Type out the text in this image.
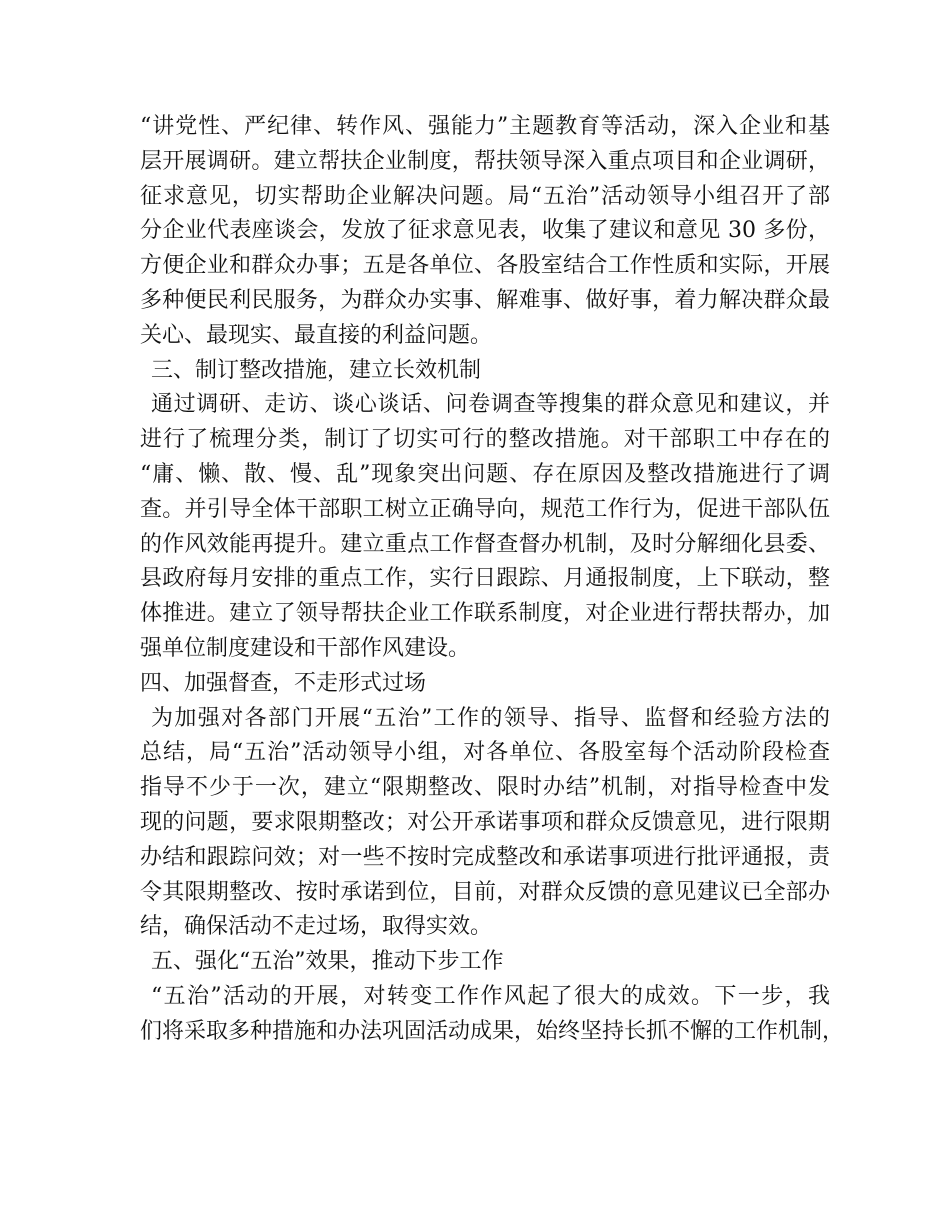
“讲党性、严纪律、转作风、强能力”主题教育等活动，深入企业和基
层开展调研。建立帮扶企业制度，帮扶领导深入重点项目和企业调研，
征求意见，切实帮助企业解决问题。局“五治”活动领导小组召开了部
分企业代表座谈会，发放了征求意见表，收集了建议和意见 30 多份，
方便企业和群众办事；五是各单位、各股室结合工作性质和实际，开展
多种便民利民服务，为群众办实事、解难事、做好事，着力解决群众最
关心、最现实、最直接的利益问题。
三、制订整改措施，建立长效机制
通过调研、走访、谈心谈话、问卷调查等搜集的群众意见和建议，并
进行了梳理分类，制订了切实可行的整改措施。对干部职工中存在的
“庸、懒、散、慢、乱”现象突出问题、存在原因及整改措施进行了调
查。并引导全体干部职工树立正确导向，规范工作行为，促进干部队伍
的作风效能再提升。建立重点工作督查督办机制，及时分解细化县委、
县政府每月安排的重点工作，实行日跟踪、月通报制度，上下联动，整
体推进。建立了领导帮扶企业工作联系制度，对企业进行帮扶帮办，加
强单位制度建设和干部作风建设。
四、加强督查，不走形式过场
为加强对各部门开展“五治”工作的领导、指导、监督和经验方法的
总结，局“五治”活动领导小组，对各单位、各股室每个活动阶段检查
指导不少于一次，建立“限期整改、限时办结”机制，对指导检查中发
现的问题，要求限期整改；对公开承诺事项和群众反馈意见，进行限期
办结和跟踪问效；对一些不按时完成整改和承诺事项进行批评通报，责
令其限期整改、按时承诺到位，目前，对群众反馈的意见建议已全部办
结，确保活动不走过场，取得实效。
五、强化“五治”效果，推动下步工作
“五治”活动的开展，对转变工作作风起了很大的成效。下一步，我
们将采取多种措施和办法巩固活动成果，始终坚持长抓不懈的工作机制，
